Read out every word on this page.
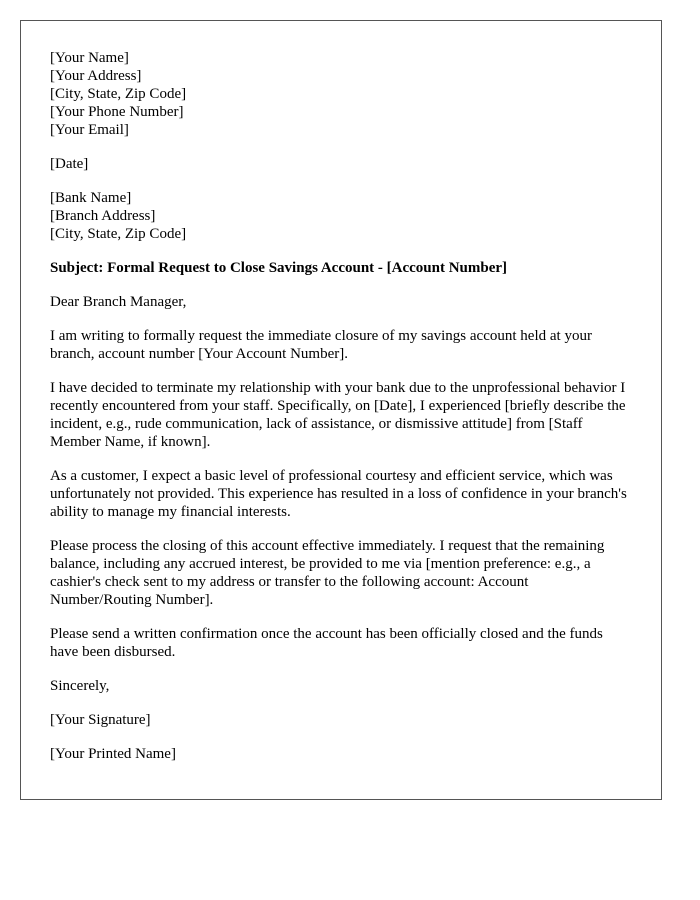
[Your Name]
[Your Address]
[City, State, Zip Code]
[Your Phone Number]
[Your Email]

[Date]

[Bank Name]
[Branch Address]
[City, State, Zip Code]

Subject: Formal Request to Close Savings Account - [Account Number]

Dear Branch Manager,

I am writing to formally request the immediate closure of my savings account held at your branch, account number [Your Account Number].

I have decided to terminate my relationship with your bank due to the unprofessional behavior I recently encountered from your staff. Specifically, on [Date], I experienced [briefly describe the incident, e.g., rude communication, lack of assistance, or dismissive attitude] from [Staff Member Name, if known].

As a customer, I expect a basic level of professional courtesy and efficient service, which was unfortunately not provided. This experience has resulted in a loss of confidence in your branch's ability to manage my financial interests.

Please process the closing of this account effective immediately. I request that the remaining balance, including any accrued interest, be provided to me via [mention preference: e.g., a cashier's check sent to my address or transfer to the following account: Account Number/Routing Number].

Please send a written confirmation once the account has been officially closed and the funds have been disbursed.

Sincerely,

[Your Signature]

[Your Printed Name]
